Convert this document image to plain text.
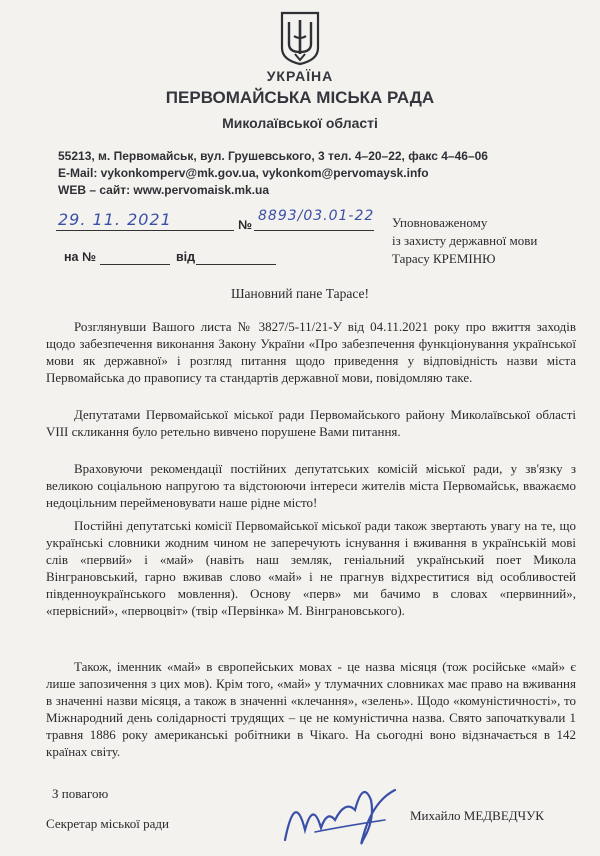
УКРАЇНА
ПЕРВОМАЙСЬКА МІСЬКА РАДА
Миколаївської області
55213, м. Первомайськ, вул. Грушевського, 3 тел. 4–20–22, факс 4–46–06
E-Mail: vykonkomperv@mk.gov.ua, vykonkom@pervomaysk.info
WEB – сайт: www.pervomaisk.mk.ua
29. 11. 2021	№
8893/03.01-22
на №	від
Уповноваженому
із захисту державної мови
Тарасу КРЕМІНЮ
Шановний пане Тарасе!
Розглянувши Вашого листа № 3827/5-11/21-У від 04.11.2021 року про вжиття заходів щодо забезпечення виконання Закону України «Про забезпечення функціонування української мови як державної» і розгляд питання щодо приведення у відповідність назви міста Первомайська до правопису та стандартів державної мови, повідомляю таке.
Депутатами Первомайської міської ради Первомайського району Миколаївської області VIII скликання було ретельно вивчено порушене Вами питання.
Враховуючи рекомендації постійних депутатських комісій міської ради, у зв'язку з великою соціальною напругою та відстоюючи інтереси жителів міста Первомайськ, вважаємо недоцільним перейменовувати наше рідне місто!
Постійні депутатські комісії Первомайської міської ради також звертають увагу на те, що українські словники жодним чином не заперечують існування і вживання в українській мові слів «первий» і «май» (навіть наш земляк, геніальний український поет Микола Вінграновський, гарно вживав слово «май» і не прагнув відхреститися від особливостей південноукраїнського мовлення). Основу «перв» ми бачимо в словах «первинний», «первісний», «первоцвіт» (твір «Первінка» М. Вінграновського).
Також, іменник «май» в європейських мовах - це назва місяця (тож російське «май» є лише запозичення з цих мов). Крім того, «май» у тлумачних словниках має право на вживання в значенні назви місяця, а також в значенні «клечання», «зелень». Щодо «комуністичності», то Міжнародний день солідарності трудящих – це не комуністична назва. Свято започаткували 1 травня 1886 року американські робітники в Чікаго. На сьогодні воно відзначається в 142 країнах світу.
З повагою
Секретар міської ради
Михайло МЕДВЕДЧУК
